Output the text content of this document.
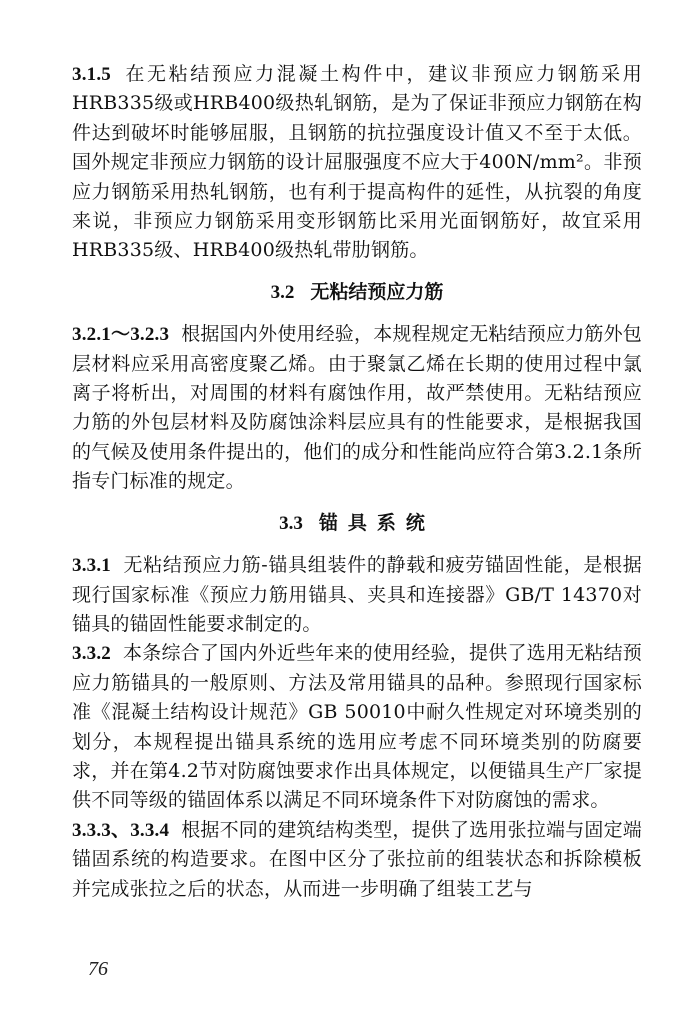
3.1.5 在无粘结预应力混凝土构件中，建议非预应力钢筋采用HRB335级或HRB400级热轧钢筋，是为了保证非预应力钢筋在构件达到破坏时能够屈服，且钢筋的抗拉强度设计值又不至于太低。国外规定非预应力钢筋的设计屈服强度不应大于400N/mm²。非预应力钢筋采用热轧钢筋，也有利于提高构件的延性，从抗裂的角度来说，非预应力钢筋采用变形钢筋比采用光面钢筋好，故宜采用HRB335级、HRB400级热轧带肋钢筋。

3.2 无粘结预应力筋

3.2.1～3.2.3 根据国内外使用经验，本规程规定无粘结预应力筋外包层材料应采用高密度聚乙烯。由于聚氯乙烯在长期的使用过程中氯离子将析出，对周围的材料有腐蚀作用，故严禁使用。无粘结预应力筋的外包层材料及防腐蚀涂料层应具有的性能要求，是根据我国的气候及使用条件提出的，他们的成分和性能尚应符合第3.2.1条所指专门标准的规定。

3.3 锚具系统

3.3.1 无粘结预应力筋-锚具组装件的静载和疲劳锚固性能，是根据现行国家标准《预应力筋用锚具、夹具和连接器》GB/T 14370对锚具的锚固性能要求制定的。

3.3.2 本条综合了国内外近些年来的使用经验，提供了选用无粘结预应力筋锚具的一般原则、方法及常用锚具的品种。参照现行国家标准《混凝土结构设计规范》GB 50010中耐久性规定对环境类别的划分，本规程提出锚具系统的选用应考虑不同环境类别的防腐要求，并在第4.2节对防腐蚀要求作出具体规定，以便锚具生产厂家提供不同等级的锚固体系以满足不同环境条件下对防腐蚀的需求。

3.3.3、3.3.4 根据不同的建筑结构类型，提供了选用张拉端与固定端锚固系统的构造要求。在图中区分了张拉前的组装状态和拆除模板并完成张拉之后的状态，从而进一步明确了组装工艺与

76
